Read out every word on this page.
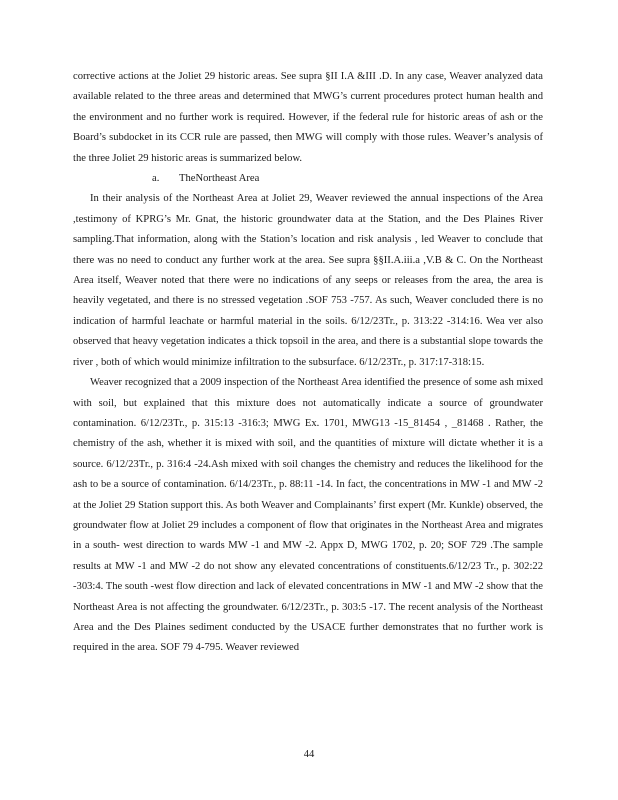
corrective actions at the Joliet 29 historic areas. See supra §II I.A &III .D. In any case, Weaver analyzed data available related to the three areas and determined that MWG’s current procedures protect human health and the environment and no further work is required. However, if the federal rule for historic areas of ash or the Board’s subdocket in its CCR rule are passed, then MWG will comply with those rules. Weaver’s analysis of the three Joliet 29 historic areas is summarized below.

a. TheNortheast Area

In their analysis of the Northeast Area at Joliet 29, Weaver reviewed the annual inspections of the Area ,testimony of KPRG’s Mr. Gnat, the historic groundwater data at the Station, and the Des Plaines River sampling.That information, along with the Station’s location and risk analysis , led Weaver to conclude that there was no need to conduct any further work at the area. See supra §§II.A.iii.a ,V.B & C. On the Northeast Area itself, Weaver noted that there were no indications of any seeps or releases from the area, the area is heavily vegetated, and there is no stressed vegetation .SOF 753 -757. As such, Weaver concluded there is no indication of harmful leachate or harmful material in the soils. 6/12/23Tr., p. 313:22 -314:16. Wea ver also observed that heavy vegetation indicates a thick topsoil in the area, and there is a substantial slope towards the river , both of which would minimize infiltration to the subsurface. 6/12/23Tr., p. 317:17-318:15.

Weaver recognized that a 2009 inspection of the Northeast Area identified the presence of some ash mixed with soil, but explained that this mixture does not automatically indicate a source of groundwater contamination. 6/12/23Tr., p. 315:13 -316:3; MWG Ex. 1701, MWG13 -15_81454 , _81468 . Rather, the chemistry of the ash, whether it is mixed with soil, and the quantities of mixture will dictate whether it is a source. 6/12/23Tr., p. 316:4 -24.Ash mixed with soil changes the chemistry and reduces the likelihood for the ash to be a source of contamination. 6/14/23Tr., p. 88:11 -14. In fact, the concentrations in MW -1 and MW -2 at the Joliet 29 Station support this. As both Weaver and Complainants’ first expert (Mr. Kunkle) observed, the groundwater flow at Joliet 29 includes a component of flow that originates in the Northeast Area and migrates in a south- west direction to wards MW -1 and MW -2. Appx D, MWG 1702, p. 20; SOF 729 .The sample results at MW -1 and MW -2 do not show any elevated concentrations of constituents.6/12/23 Tr., p. 302:22 -303:4. The south -west flow direction and lack of elevated concentrations in MW -1 and MW -2 show that the Northeast Area is not affecting the groundwater. 6/12/23Tr., p. 303:5 -17. The recent analysis of the Northeast Area and the Des Plaines sediment conducted by the USACE further demonstrates that no further work is required in the area. SOF 79 4-795. Weaver reviewed

44
